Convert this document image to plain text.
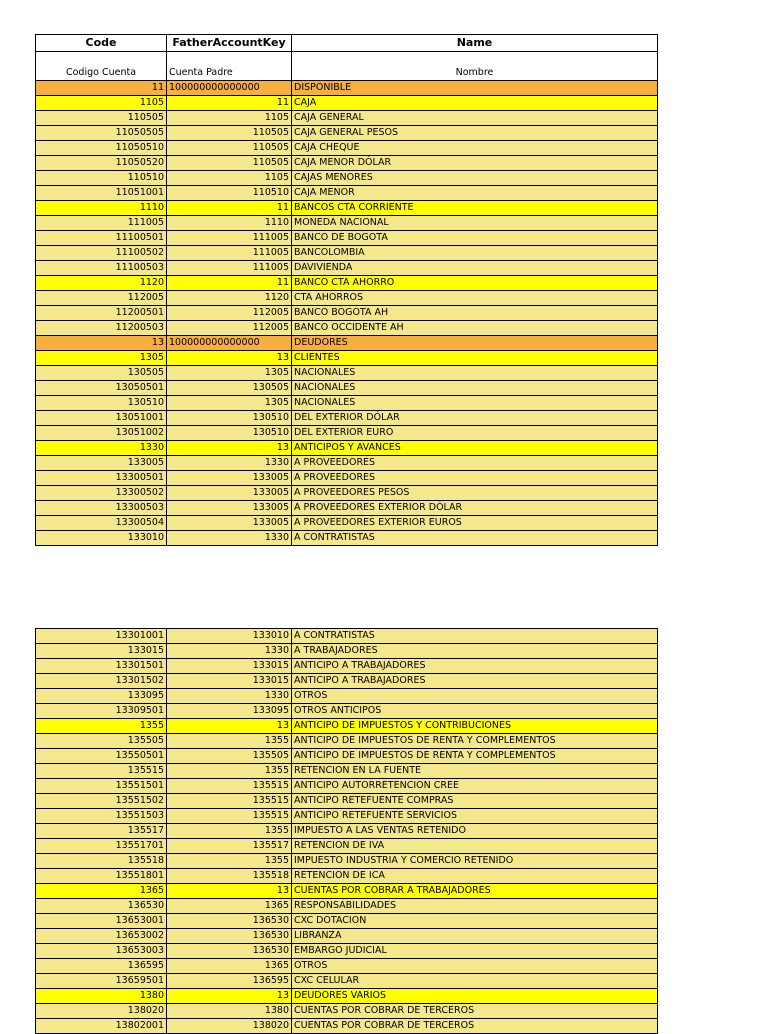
Code	FatherAccountKey	Name
Codigo Cuenta	Cuenta Padre	Nombre
11	100000000000000	DISPONIBLE
1105	11	CAJA
110505	1105	CAJA GENERAL
11050505	110505	CAJA GENERAL PESOS
11050510	110505	CAJA CHEQUE
11050520	110505	CAJA MENOR DÓLAR
110510	1105	CAJAS MENORES
11051001	110510	CAJA MENOR
1110	11	BANCOS CTA CORRIENTE
111005	1110	MONEDA NACIONAL
11100501	111005	BANCO DE BOGOTA
11100502	111005	BANCOLOMBIA
11100503	111005	DAVIVIENDA
1120	11	BANCO CTA AHORRO
112005	1120	CTA AHORROS
11200501	112005	BANCO BOGOTA AH
11200503	112005	BANCO OCCIDENTE AH
13	100000000000000	DEUDORES
1305	13	CLIENTES
130505	1305	NACIONALES
13050501	130505	NACIONALES
130510	1305	NACIONALES
13051001	130510	DEL EXTERIOR DÓLAR
13051002	130510	DEL EXTERIOR EURO
1330	13	ANTICIPOS Y AVANCES
133005	1330	A PROVEEDORES
13300501	133005	A PROVEEDORES
13300502	133005	A PROVEEDORES PESOS
13300503	133005	A PROVEEDORES EXTERIOR DÓLAR
13300504	133005	A PROVEEDORES EXTERIOR EUROS
133010	1330	A CONTRATISTAS
13301001	133010	A CONTRATISTAS
133015	1330	A TRABAJADORES
13301501	133015	ANTICIPO A TRABAJADORES
13301502	133015	ANTICIPO A TRABAJADORES
133095	1330	OTROS
13309501	133095	OTROS ANTICIPOS
1355	13	ANTICIPO DE IMPUESTOS Y CONTRIBUCIONES
135505	1355	ANTICIPO DE IMPUESTOS DE RENTA Y COMPLEMENTOS
13550501	135505	ANTICIPO DE IMPUESTOS DE RENTA Y COMPLEMENTOS
135515	1355	RETENCION EN LA FUENTE
13551501	135515	ANTICIPO AUTORRETENCION CREE
13551502	135515	ANTICIPO RETEFUENTE COMPRAS
13551503	135515	ANTICIPO RETEFUENTE SERVICIOS
135517	1355	IMPUESTO A LAS VENTAS RETENIDO
13551701	135517	RETENCION DE IVA
135518	1355	IMPUESTO INDUSTRIA Y COMERCIO RETENIDO
13551801	135518	RETENCION DE ICA
1365	13	CUENTAS POR COBRAR A TRABAJADORES
136530	1365	RESPONSABILIDADES
13653001	136530	CXC DOTACION
13653002	136530	LIBRANZA
13653003	136530	EMBARGO JUDICIAL
136595	1365	OTROS
13659501	136595	CXC CELULAR
1380	13	DEUDORES VARIOS
138020	1380	CUENTAS POR COBRAR DE TERCEROS
13802001	138020	CUENTAS POR COBRAR DE TERCEROS
